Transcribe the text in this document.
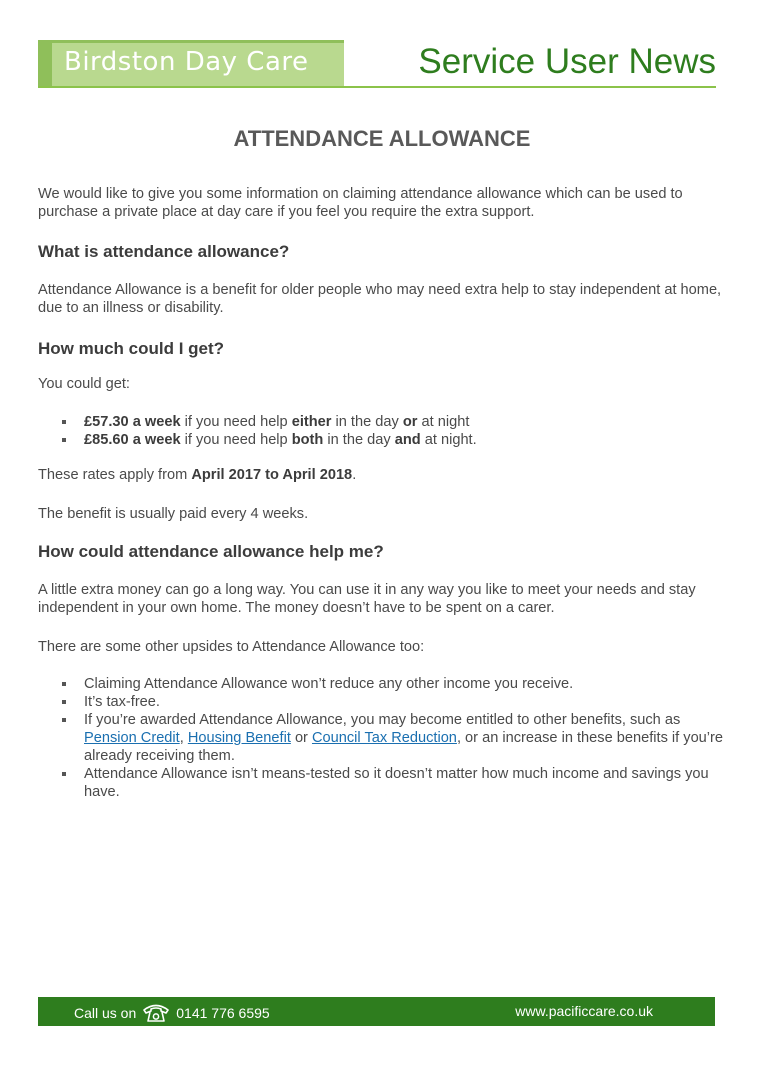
Birdston Day Care	Service User News
ATTENDANCE ALLOWANCE

We would like to give you some information on claiming attendance allowance which can be used to purchase a private place at day care if you feel you require the extra support.

What is attendance allowance?

Attendance Allowance is a benefit for older people who may need extra help to stay independent at home, due to an illness or disability.

How much could I get?

You could get:

£57.30 a week if you need help either in the day or at night
£85.60 a week if you need help both in the day and at night.

These rates apply from April 2017 to April 2018.

The benefit is usually paid every 4 weeks.

How could attendance allowance help me?

A little extra money can go a long way. You can use it in any way you like to meet your needs and stay independent in your own home. The money doesn’t have to be spent on a carer.

There are some other upsides to Attendance Allowance too:

Claiming Attendance Allowance won’t reduce any other income you receive.
It’s tax-free.
If you’re awarded Attendance Allowance, you may become entitled to other benefits, such as Pension Credit, Housing Benefit or Council Tax Reduction, or an increase in these benefits if you’re already receiving them.
Attendance Allowance isn’t means-tested so it doesn’t matter how much income and savings you have.
Call us on	0141 776 6595	www.pacificcare.co.uk
